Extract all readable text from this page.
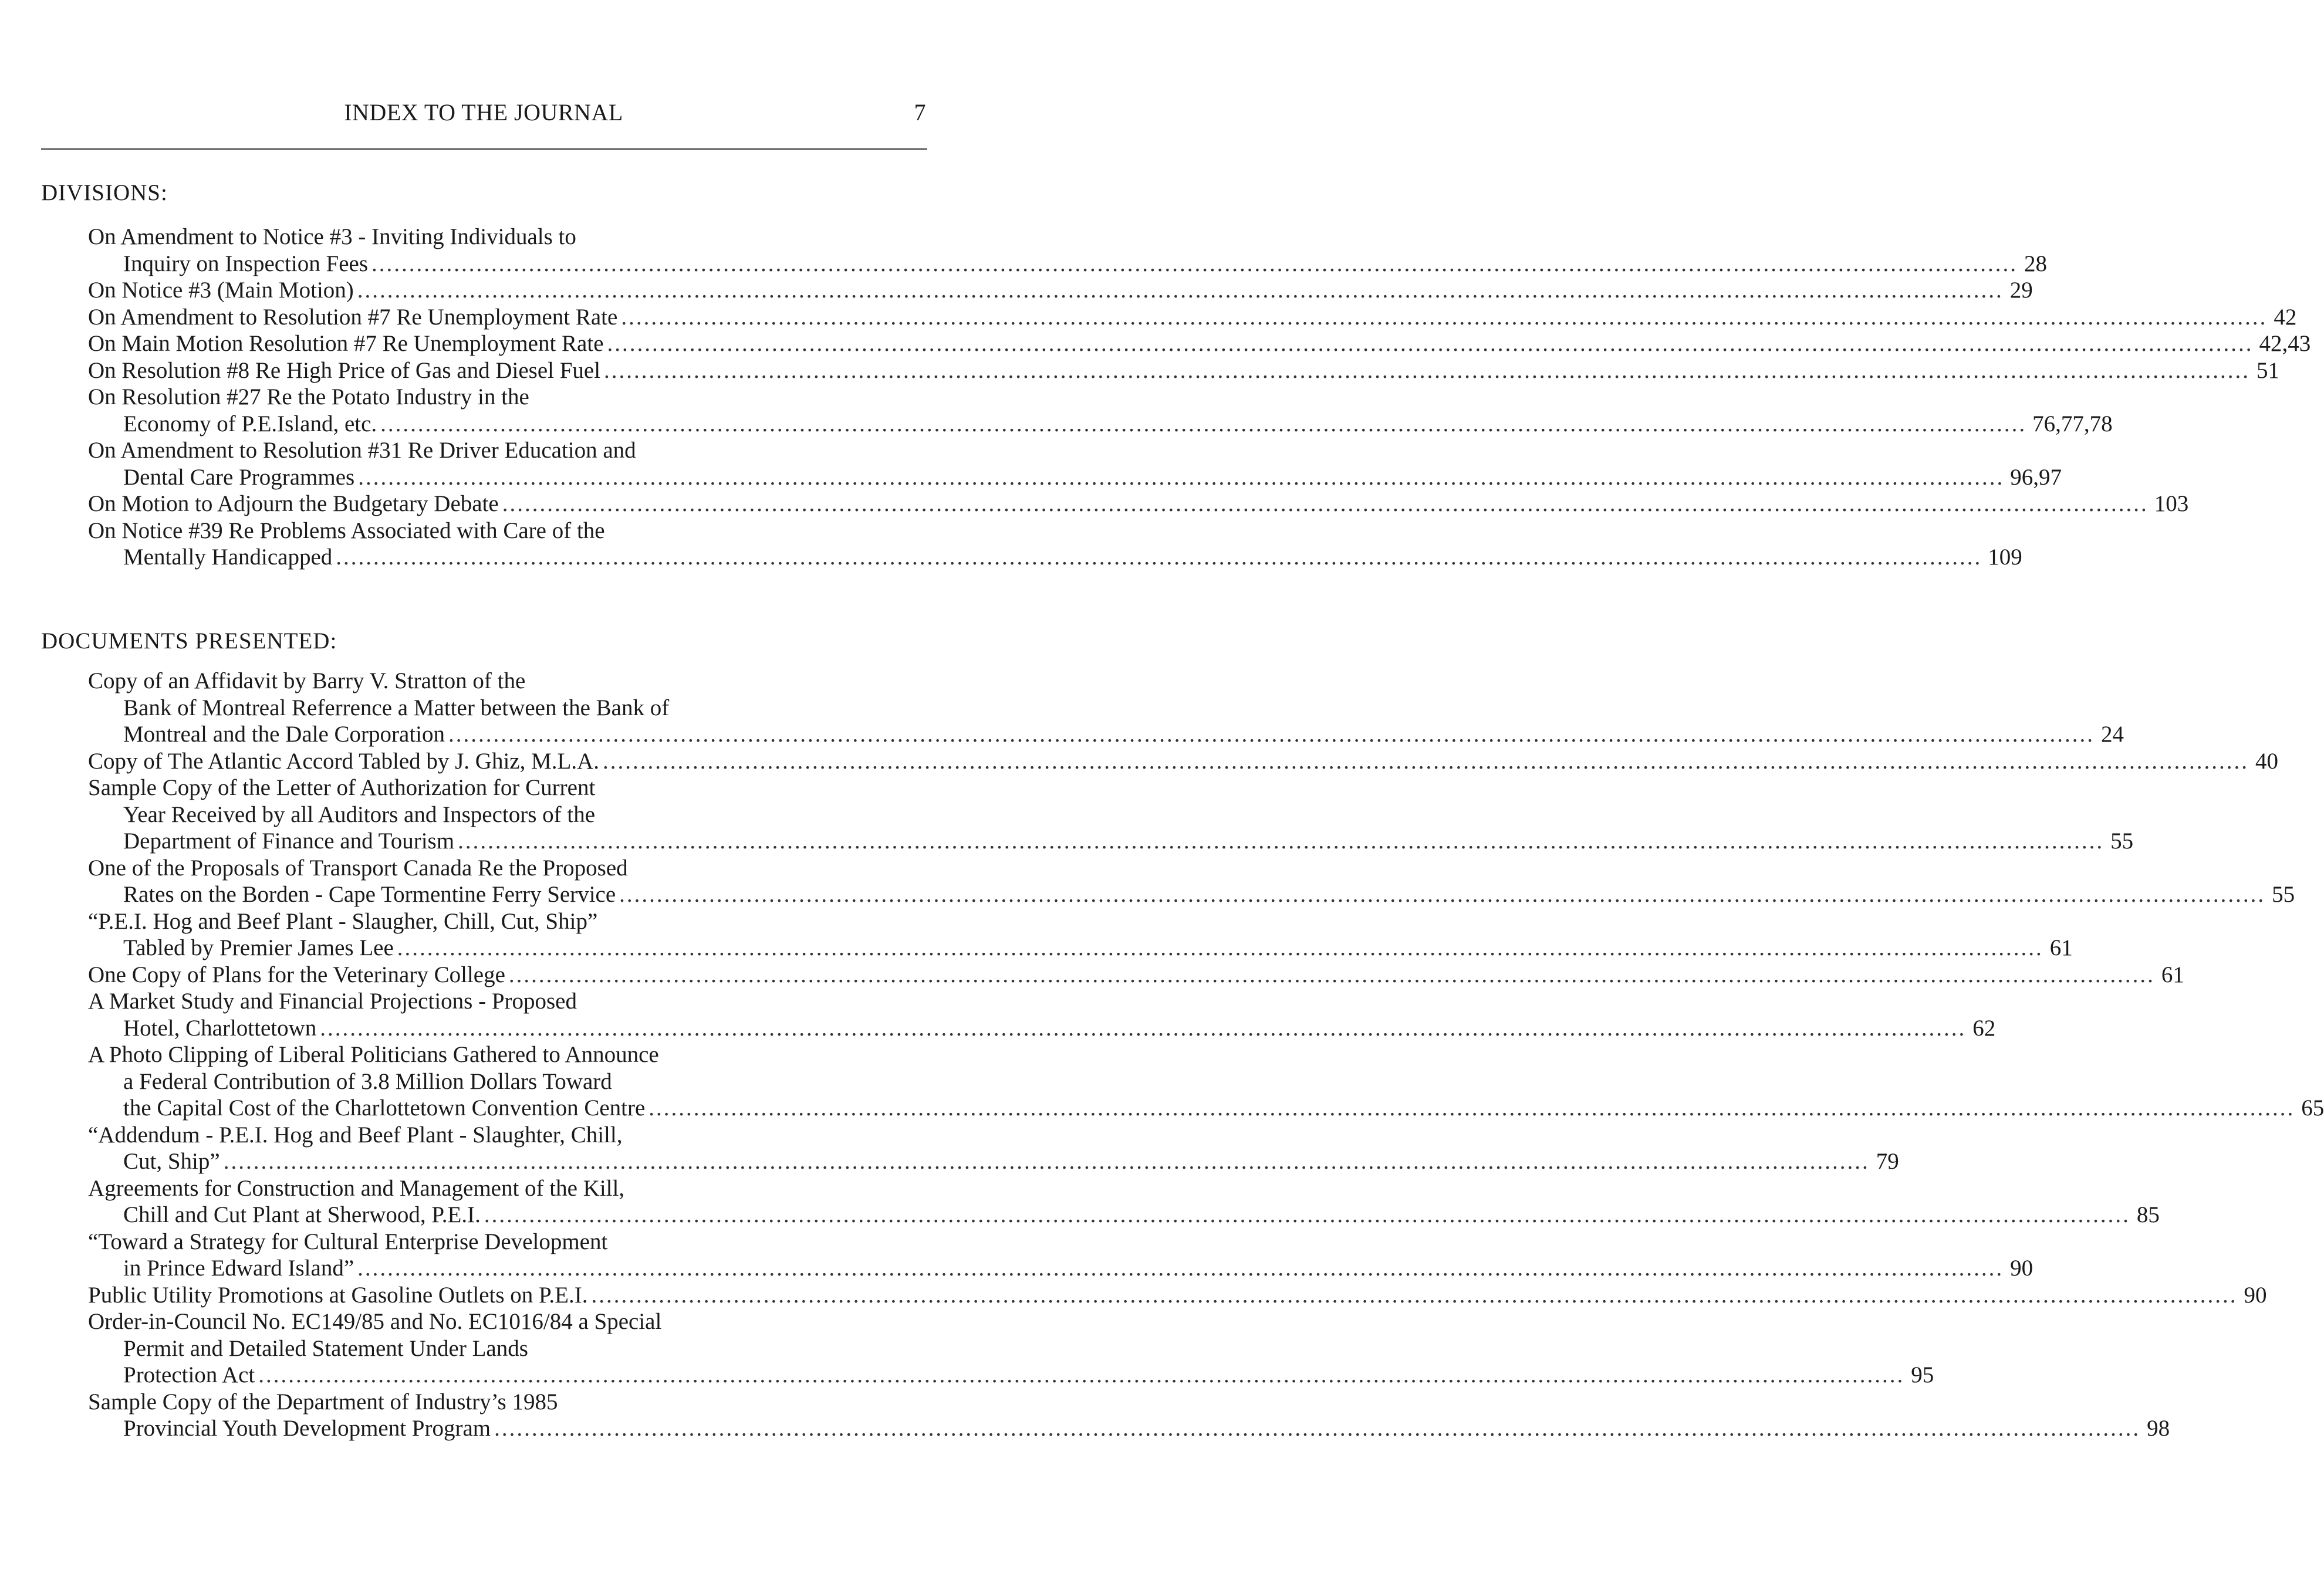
INDEX TO THE JOURNAL	7
DIVISIONS:
On Amendment to Notice #3 - Inviting Individuals to
Inquiry on Inspection Fees ............................................................................................................................................................................................................................ 28
On Notice #3 (Main Motion) ............................................................................................................................................................................................................................ 29
On Amendment to Resolution #7 Re Unemployment Rate ............................................................................................................................................................................................................................ 42
On Main Motion Resolution #7 Re Unemployment Rate ............................................................................................................................................................................................................................ 42,43
On Resolution #8 Re High Price of Gas and Diesel Fuel ............................................................................................................................................................................................................................ 51
On Resolution #27 Re the Potato Industry in the
Economy of P.E.Island, etc. ............................................................................................................................................................................................................................ 76,77,78
On Amendment to Resolution #31 Re Driver Education and
Dental Care Programmes ............................................................................................................................................................................................................................ 96,97
On Motion to Adjourn the Budgetary Debate ............................................................................................................................................................................................................................ 103
On Notice #39 Re Problems Associated with Care of the
Mentally Handicapped ............................................................................................................................................................................................................................ 109
DOCUMENTS PRESENTED:
Copy of an Affidavit by Barry V. Stratton of the
Bank of Montreal Referrence a Matter between the Bank of
Montreal and the Dale Corporation ............................................................................................................................................................................................................................ 24
Copy of The Atlantic Accord Tabled by J. Ghiz, M.L.A. ............................................................................................................................................................................................................................ 40
Sample Copy of the Letter of Authorization for Current
Year Received by all Auditors and Inspectors of the
Department of Finance and Tourism ............................................................................................................................................................................................................................ 55
One of the Proposals of Transport Canada Re the Proposed
Rates on the Borden - Cape Tormentine Ferry Service ............................................................................................................................................................................................................................ 55
“P.E.I. Hog and Beef Plant - Slaugher, Chill, Cut, Ship”
Tabled by Premier James Lee ............................................................................................................................................................................................................................ 61
One Copy of Plans for the Veterinary College ............................................................................................................................................................................................................................ 61
A Market Study and Financial Projections - Proposed
Hotel, Charlottetown ............................................................................................................................................................................................................................ 62
A Photo Clipping of Liberal Politicians Gathered to Announce
a Federal Contribution of 3.8 Million Dollars Toward
the Capital Cost of the Charlottetown Convention Centre ............................................................................................................................................................................................................................ 65
“Addendum - P.E.I. Hog and Beef Plant - Slaughter, Chill,
Cut, Ship” ............................................................................................................................................................................................................................ 79
Agreements for Construction and Management of the Kill,
Chill and Cut Plant at Sherwood, P.E.I. ............................................................................................................................................................................................................................ 85
“Toward a Strategy for Cultural Enterprise Development
in Prince Edward Island” ............................................................................................................................................................................................................................ 90
Public Utility Promotions at Gasoline Outlets on P.E.I. ............................................................................................................................................................................................................................ 90
Order-in-Council No. EC149/85 and No. EC1016/84 a Special
Permit and Detailed Statement Under Lands
Protection Act ............................................................................................................................................................................................................................ 95
Sample Copy of the Department of Industry’s 1985
Provincial Youth Development Program ............................................................................................................................................................................................................................ 98
